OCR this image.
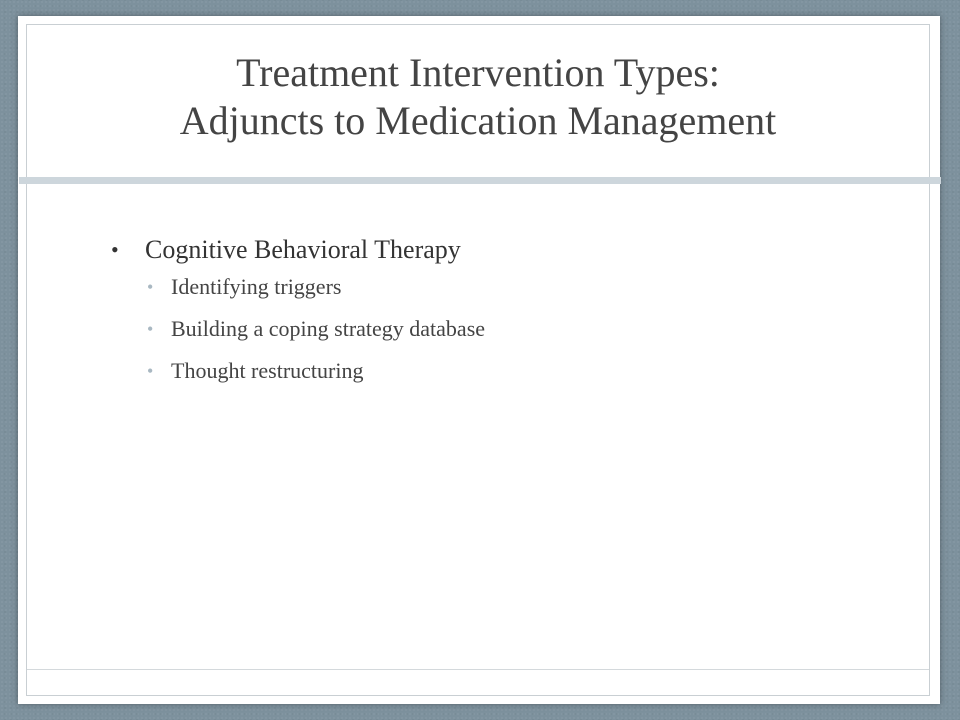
Treatment Intervention Types:
Adjuncts to Medication Management
• Cognitive Behavioral Therapy
• Identifying triggers
• Building a coping strategy database
• Thought restructuring
